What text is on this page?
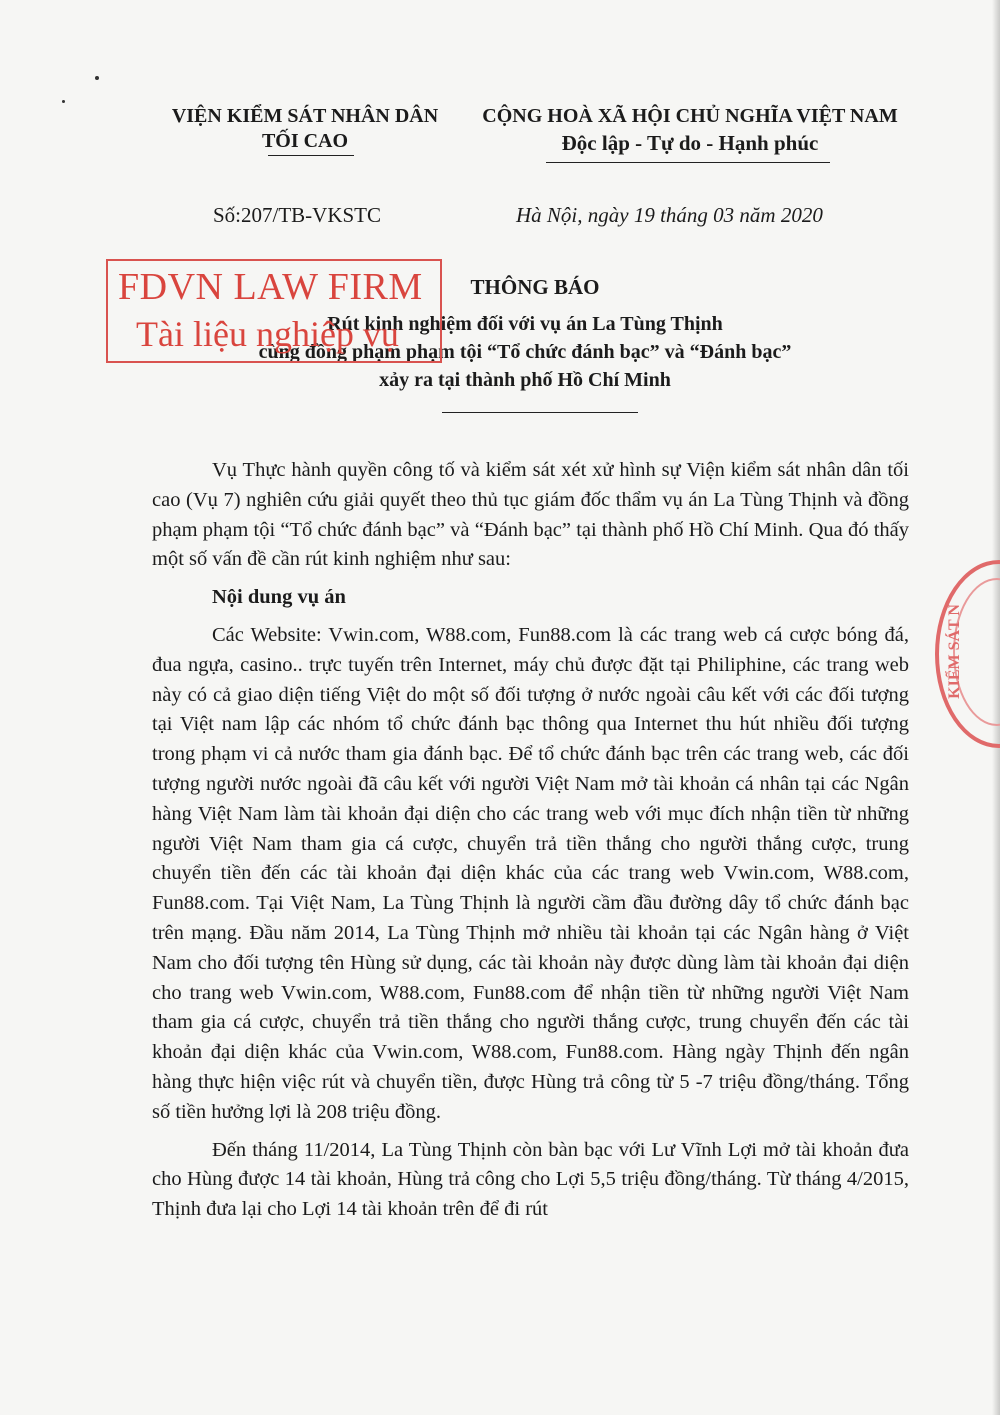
VIỆN KIỂM SÁT NHÂN DÂN
TỐI CAO
CỘNG HOÀ XÃ HỘI CHỦ NGHĨA VIỆT NAM
Độc lập - Tự do - Hạnh phúc
Số:207/TB-VKSTC	Hà Nội, ngày 19 tháng 03 năm 2020
THÔNG BÁO
Rút kinh nghiệm đối với vụ án La Tùng Thịnh
cùng đồng phạm phạm tội “Tổ chức đánh bạc” và “Đánh bạc”
xảy ra tại thành phố Hồ Chí Minh
FDVN LAW FIRM
Tài liệu nghiệp vụ
KIỂM SÁT N

Vụ Thực hành quyền công tố và kiểm sát xét xử hình sự Viện kiểm sát nhân dân tối cao (Vụ 7) nghiên cứu giải quyết theo thủ tục giám đốc thẩm vụ án La Tùng Thịnh và đồng phạm phạm tội “Tổ chức đánh bạc” và “Đánh bạc” tại thành phố Hồ Chí Minh. Qua đó thấy một số vấn đề cần rút kinh nghiệm như sau:

Nội dung vụ án

Các Website: Vwin.com, W88.com, Fun88.com là các trang web cá cược bóng đá, đua ngựa, casino.. trực tuyến trên Internet, máy chủ được đặt tại Philiphine, các trang web này có cả giao diện tiếng Việt do một số đối tượng ở nước ngoài câu kết với các đối tượng tại Việt nam lập các nhóm tổ chức đánh bạc thông qua Internet thu hút nhiều đối tượng trong phạm vi cả nước tham gia đánh bạc. Để tổ chức đánh bạc trên các trang web, các đối tượng người nước ngoài đã câu kết với người Việt Nam mở tài khoản cá nhân tại các Ngân hàng Việt Nam làm tài khoản đại diện cho các trang web với mục đích nhận tiền từ những người Việt Nam tham gia cá cược, chuyển trả tiền thắng cho người thắng cược, trung chuyển tiền đến các tài khoản đại diện khác của các trang web Vwin.com, W88.com, Fun88.com. Tại Việt Nam, La Tùng Thịnh là người cầm đầu đường dây tổ chức đánh bạc trên mạng. Đầu năm 2014, La Tùng Thịnh mở nhiều tài khoản tại các Ngân hàng ở Việt Nam cho đối tượng tên Hùng sử dụng, các tài khoản này được dùng làm tài khoản đại diện cho trang web Vwin.com, W88.com, Fun88.com để nhận tiền từ những người Việt Nam tham gia cá cược, chuyển trả tiền thắng cho người thắng cược, trung chuyển đến các tài khoản đại diện khác của Vwin.com, W88.com, Fun88.com. Hàng ngày Thịnh đến ngân hàng thực hiện việc rút và chuyển tiền, được Hùng trả công từ 5 -7 triệu đồng/tháng. Tổng số tiền hưởng lợi là 208 triệu đồng.

Đến tháng 11/2014, La Tùng Thịnh còn bàn bạc với Lư Vĩnh Lợi mở tài khoản đưa cho Hùng được 14 tài khoản, Hùng trả công cho Lợi 5,5 triệu đồng/tháng. Từ tháng 4/2015, Thịnh đưa lại cho Lợi 14 tài khoản trên để đi rút
